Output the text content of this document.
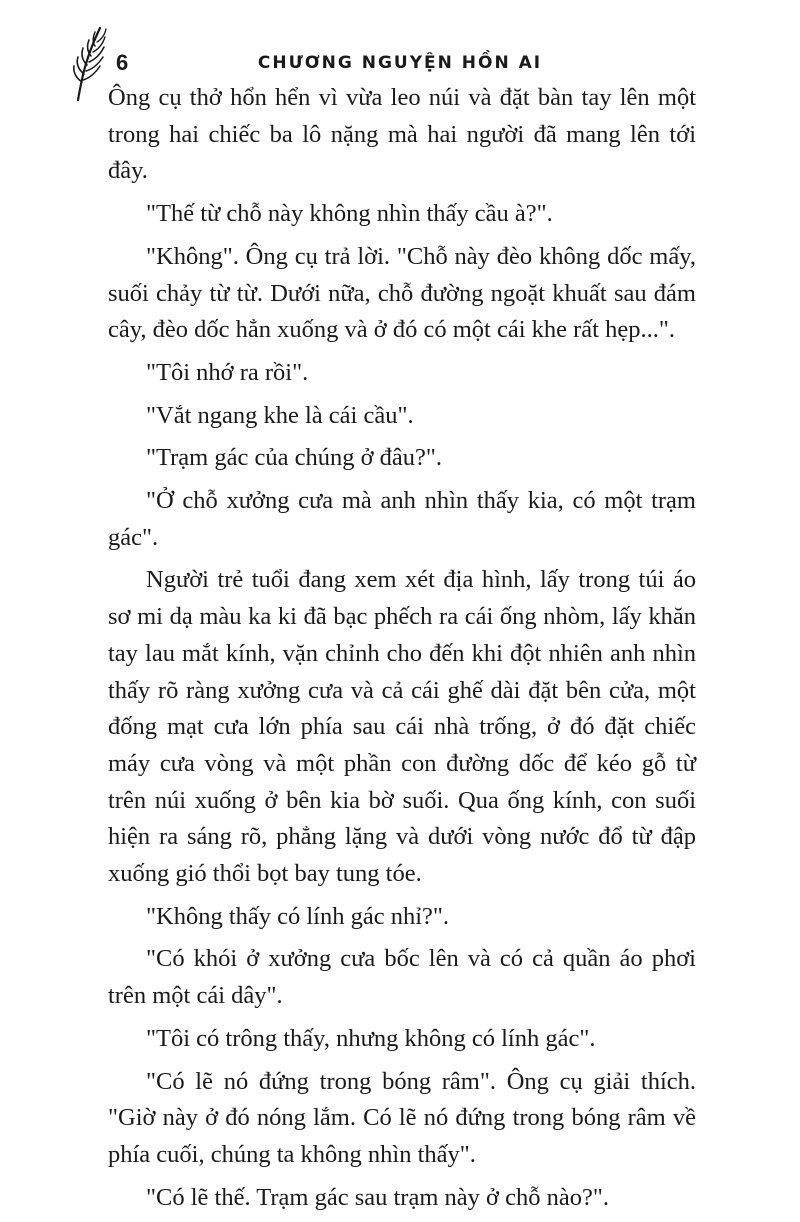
6	CHƯƠNG NGUYỆN HỒN AI

Ông cụ thở hổn hển vì vừa leo núi và đặt bàn tay lên một trong hai chiếc ba lô nặng mà hai người đã mang lên tới đây.

"Thế từ chỗ này không nhìn thấy cầu à?".

"Không". Ông cụ trả lời. "Chỗ này đèo không dốc mấy, suối chảy từ từ. Dưới nữa, chỗ đường ngoặt khuất sau đám cây, đèo dốc hẳn xuống và ở đó có một cái khe rất hẹp...".

"Tôi nhớ ra rồi".

"Vắt ngang khe là cái cầu".

"Trạm gác của chúng ở đâu?".

"Ở chỗ xưởng cưa mà anh nhìn thấy kia, có một trạm gác".

Người trẻ tuổi đang xem xét địa hình, lấy trong túi áo sơ mi dạ màu ka ki đã bạc phếch ra cái ống nhòm, lấy khăn tay lau mắt kính, vặn chỉnh cho đến khi đột nhiên anh nhìn thấy rõ ràng xưởng cưa và cả cái ghế dài đặt bên cửa, một đống mạt cưa lớn phía sau cái nhà trống, ở đó đặt chiếc máy cưa vòng và một phần con đường dốc để kéo gỗ từ trên núi xuống ở bên kia bờ suối. Qua ống kính, con suối hiện ra sáng rõ, phẳng lặng và dưới vòng nước đổ từ đập xuống gió thổi bọt bay tung tóe.

"Không thấy có lính gác nhỉ?".

"Có khói ở xưởng cưa bốc lên và có cả quần áo phơi trên một cái dây".

"Tôi có trông thấy, nhưng không có lính gác".

"Có lẽ nó đứng trong bóng râm". Ông cụ giải thích. "Giờ này ở đó nóng lắm. Có lẽ nó đứng trong bóng râm về phía cuối, chúng ta không nhìn thấy".

"Có lẽ thế. Trạm gác sau trạm này ở chỗ nào?".
